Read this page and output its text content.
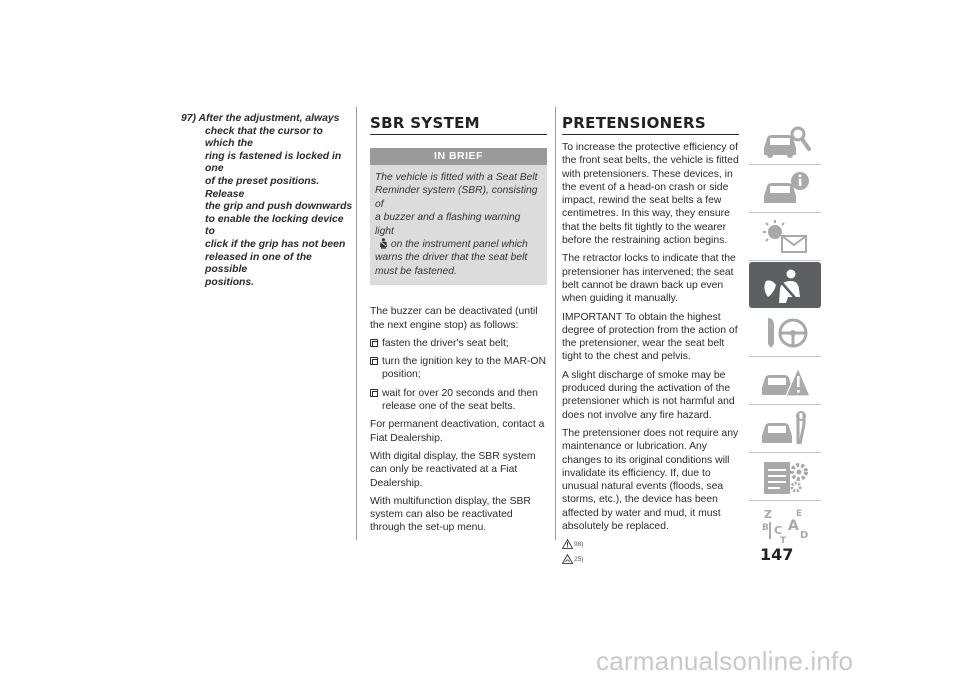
97) After the adjustment, always
check that the cursor to which the
ring is fastened is locked in one
of the preset positions. Release
the grip and push downwards
to enable the locking device to
click if the grip has not been
released in one of the possible
positions.
SBR SYSTEM
IN BRIEF
The vehicle is fitted with a Seat Belt
Reminder system (SBR), consisting of
a buzzer and a flashing warning light
on the instrument panel which
warns the driver that the seat belt
must be fastened.

The buzzer can be deactivated (until the next engine stop) as follows:

fasten the driver's seat belt;
turn the ignition key to the MAR-ON position;
wait for over 20 seconds and then release one of the seat belts.

For permanent deactivation, contact a Fiat Dealership.

With digital display, the SBR system can only be reactivated at a Fiat Dealership.

With multifunction display, the SBR system can also be reactivated through the set-up menu.

PRETENSIONERS

To increase the protective efficiency of the front seat belts, the vehicle is fitted with pretensioners. These devices, in the event of a head-on crash or side impact, rewind the seat belts a few centimetres. In this way, they ensure that the belts fit tightly to the wearer before the restraining action begins.

The retractor locks to indicate that the pretensioner has intervened; the seat belt cannot be drawn back up even when guiding it manually.

IMPORTANT To obtain the highest degree of protection from the action of the pretensioner, wear the seat belt tight to the chest and pelvis.

A slight discharge of smoke may be produced during the activation of the pretensioner which is not harmful and does not involve any fire hazard.

The pretensioner does not require any maintenance or lubrication. Any changes to its original conditions will invalidate its efficiency. If, due to unusual natural events (floods, sea storms, etc.), the device has been affected by water and mud, it must absolutely be replaced.

98)
25)
Z	E
B A
C D
T
147
carmanualsonline.info
